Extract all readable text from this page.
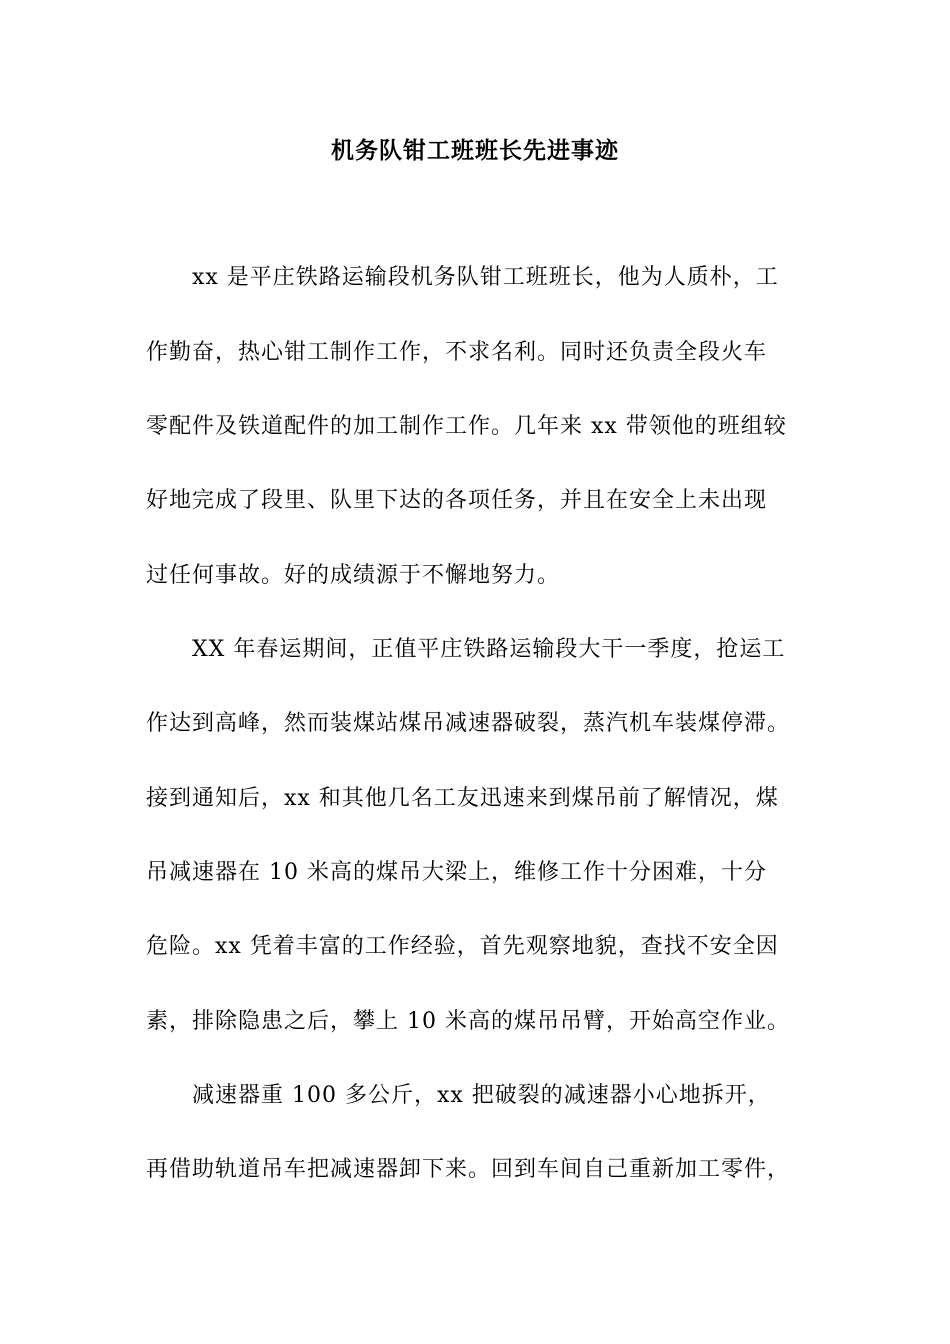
机务队钳工班班长先进事迹
xx 是平庄铁路运输段机务队钳工班班长，他为人质朴，工
作勤奋，热心钳工制作工作，不求名利。同时还负责全段火车
零配件及铁道配件的加工制作工作。几年来 xx 带领他的班组较
好地完成了段里、队里下达的各项任务，并且在安全上未出现
过任何事故。好的成绩源于不懈地努力。
XX 年春运期间，正值平庄铁路运输段大干一季度，抢运工
作达到高峰，然而装煤站煤吊减速器破裂，蒸汽机车装煤停滞。
接到通知后，xx 和其他几名工友迅速来到煤吊前了解情况，煤
吊减速器在 10 米高的煤吊大梁上，维修工作十分困难，十分
危险。xx 凭着丰富的工作经验，首先观察地貌，查找不安全因
素，排除隐患之后，攀上 10 米高的煤吊吊臂，开始高空作业。
减速器重 100 多公斤，xx 把破裂的减速器小心地拆开，
再借助轨道吊车把减速器卸下来。回到车间自己重新加工零件，
